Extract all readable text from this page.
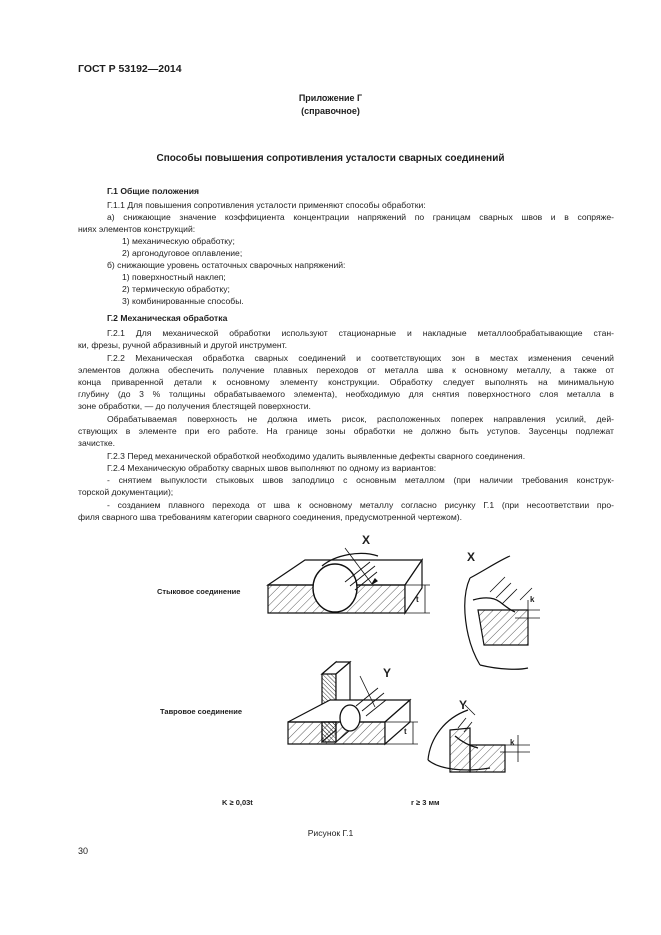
ГОСТ Р 53192—2014
Приложение Г
(справочное)
Способы повышения сопротивления усталости сварных соединений
Г.1 Общие положения
Г.1.1 Для повышения сопротивления усталости применяют способы обработки:
а) снижающие значение коэффициента концентрации напряжений по границам сварных швов и в сопряже-
ниях элементов конструкций:
1) механическую обработку;
2) аргонодуговое оплавление;
б) снижающие уровень остаточных сварочных напряжений:
1) поверхностный наклеп;
2) термическую обработку;
3) комбинированные способы.
Г.2 Механическая обработка
Г.2.1 Для механической обработки используют стационарные и накладные металлообрабатывающие стан-
ки, фрезы, ручной абразивный и другой инструмент.
Г.2.2 Механическая обработка сварных соединений и соответствующих зон в местах изменения сечений
элементов должна обеспечить получение плавных переходов от металла шва к основному металлу, а также от
конца приваренной детали к основному элементу конструкции. Обработку следует выполнять на минимальную
глубину (до 3 % толщины обрабатываемого элемента), необходимую для снятия поверхностного слоя металла в
зоне обработки, — до получения блестящей поверхности.
Обрабатываемая поверхность не должна иметь рисок, расположенных поперек направления усилий, дей-
ствующих в элементе при его работе. На границе зоны обработки не должно быть уступов. Заусенцы подлежат
зачистке.
Г.2.3 Перед механической обработкой необходимо удалить выявленные дефекты сварного соединения.
Г.2.4 Механическую обработку сварных швов выполняют по одному из вариантов:
- снятием выпуклости стыковых швов заподлицо с основным металлом (при наличии требования конструк-
торской документации);
- созданием плавного перехода от шва к основному металлу согласно рисунку Г.1 (при несоответствии про-
филя сварного шва требованиям категории сварного соединения, предусмотренной чертежом).
Стыковое соединение
Тавровое соединение
X
X
Y
Y
t
t
k
k
K ≥ 0,03t	r ≥ 3 мм
Рисунок Г.1
30
